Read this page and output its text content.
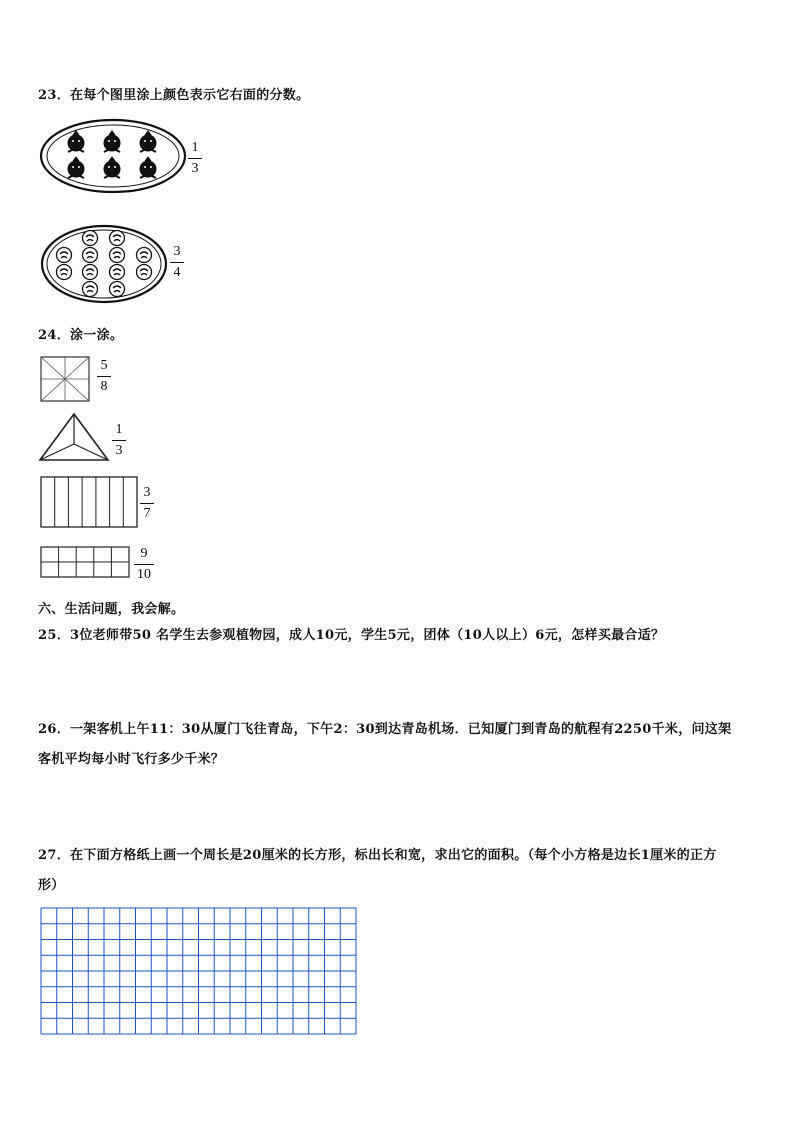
23．在每个图里涂上颜色表示它右面的分数。
1
3
3
4
24．涂一涂。
5
8
1
3
3
7
9
10
六、生活问题，我会解。
25．3位老师带50 名学生去参观植物园，成人10元，学生5元，团体（10人以上）6元，怎样买最合适？
26．一架客机上午11：30从厦门飞往青岛，下午2：30到达青岛机场．已知厦门到青岛的航程有2250千米，问这架
客机平均每小时飞行多少千米？
27．在下面方格纸上画一个周长是20厘米的长方形，标出长和宽，求出它的面积。（每个小方格是边长1厘米的正方
形）
